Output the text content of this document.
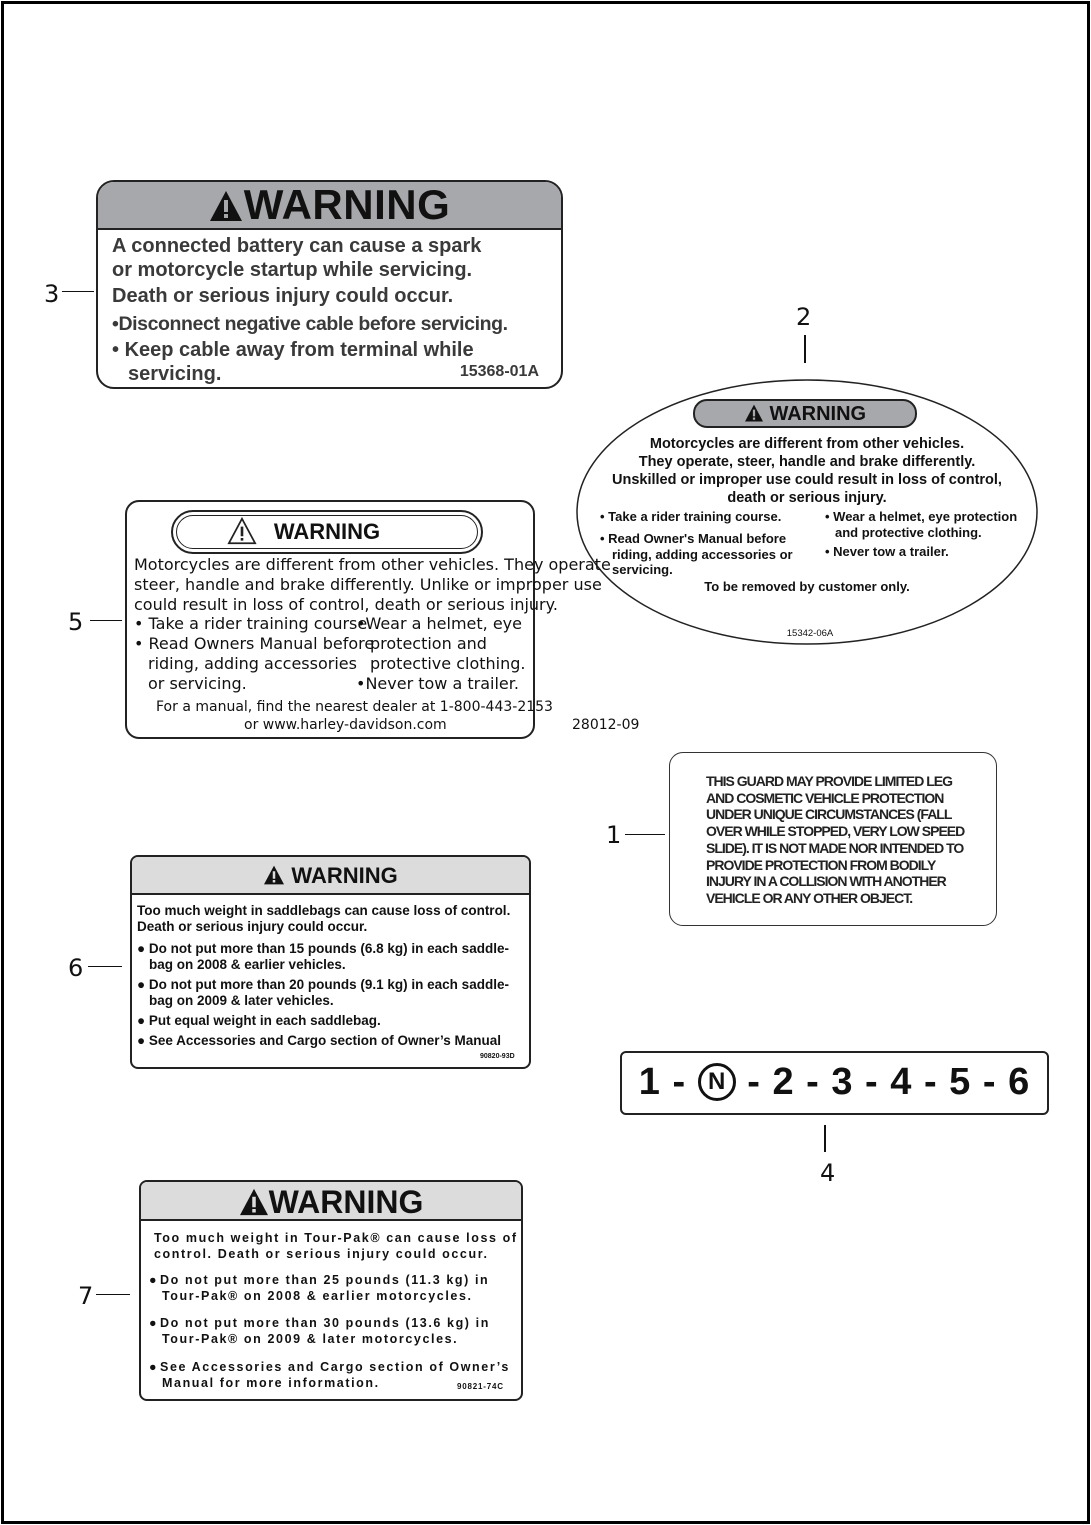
WARNING
A connected battery can cause a spark
or motorcycle startup while servicing.
Death or serious injury could occur.
•Disconnect negative cable before servicing.
• Keep cable away from terminal while
servicing.	15368-01A
3
2
WARNING
Motorcycles are different from other vehicles.
They operate, steer, handle and brake differently.
Unskilled or improper use could result in loss of control,
death or serious injury.
• Take a rider training course.
• Read Owner's Manual before
riding, adding accessories or
servicing.
• Wear a helmet, eye protection
and protective clothing.
• Never tow a trailer.
To be removed by customer only.
15342-06A
WARNING
Motorcycles are different from other vehicles. They operate
steer, handle and brake differently. Unlike or improper use
could result in loss of control, death or serious injury.
• Take a rider training course
• Read Owners Manual before
riding, adding accessories
or servicing.
•Wear a helmet, eye
protection and
protective clothing.
•Never tow a trailer.
For a manual, find the nearest dealer at 1-800-443-2153
or www.harley-davidson.com	28012-09
5
THIS GUARD MAY PROVIDE LIMITED LEG AND COSMETIC VEHICLE PROTECTION UNDER UNIQUE CIRCUMSTANCES (FALL OVER WHILE STOPPED, VERY LOW SPEED SLIDE). IT IS NOT MADE NOR INTENDED TO PROVIDE PROTECTION FROM BODILY INJURY IN A COLLISION WITH ANOTHER VEHICLE OR ANY OTHER OBJECT.
1
WARNING
Too much weight in saddlebags can cause loss of control.
Death or serious injury could occur.
● Do not put more than 15 pounds (6.8 kg) in each saddle-
bag on 2008 & earlier vehicles.
● Do not put more than 20 pounds (9.1 kg) in each saddle-
bag on 2009 & later vehicles.
● Put equal weight in each saddlebag.
● See Accessories and Cargo section of Owner’s Manual
90820-93D
6
1 - N - 2 - 3 - 4 - 5 - 6
4
WARNING
Too much weight in Tour-Pak® can cause loss of
control. Death or serious injury could occur.
● Do not put more than 25 pounds (11.3 kg) in
Tour-Pak® on 2008 & earlier motorcycles.
● Do not put more than 30 pounds (13.6 kg) in
Tour-Pak® on 2009 & later motorcycles.
● See Accessories and Cargo section of Owner’s
Manual for more information.	90821-74C
7
